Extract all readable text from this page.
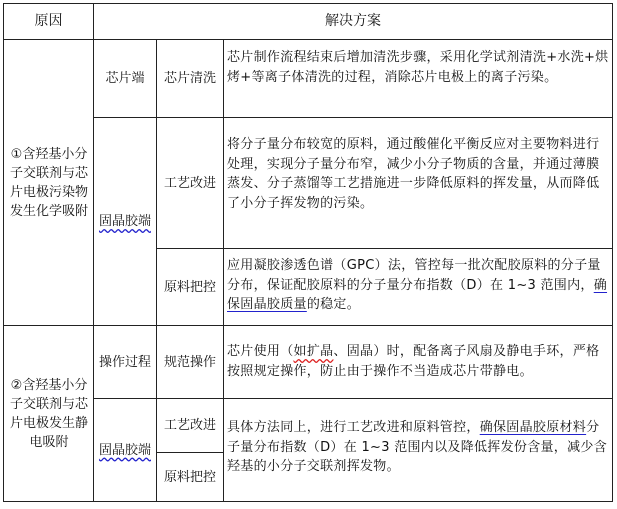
原因	解决方案
①含羟基小分子交联剂与芯片电极污染物发生化学吸附
芯片端	芯片清洗
芯片制作流程结束后增加清洗步骤，采用化学试剂清洗+水洗+烘烤+等离子体清洗的过程，消除芯片电极上的离子污染。
固晶胶端
工艺改进
将分子量分布较宽的原料，通过酸催化平衡反应对主要物料进行处理，实现分子量分布窄，减少小分子物质的含量，并通过薄膜蒸发、分子蒸馏等工艺措施进一步降低原料的挥发量，从而降低了小分子挥发物的污染。
原料把控
应用凝胶渗透色谱（GPC）法，管控每一批次配胶原料的分子量分布，保证配胶原料的分子量分布指数（D）在 1~3 范围内，确保固晶胶质量的稳定。
②含羟基小分子交联剂与芯片电极发生静电吸附
操作过程 规范操作
芯片使用（如扩晶、固晶）时，配备离子风扇及静电手环，严格按照规定操作，防止由于操作不当造成芯片带静电。
固晶胶端
工艺改进
原料把控
具体方法同上，进行工艺改进和原料管控，确保固晶胶原材料分子量分布指数（D）在 1~3 范围内以及降低挥发份含量，减少含羟基的小分子交联剂挥发物。
